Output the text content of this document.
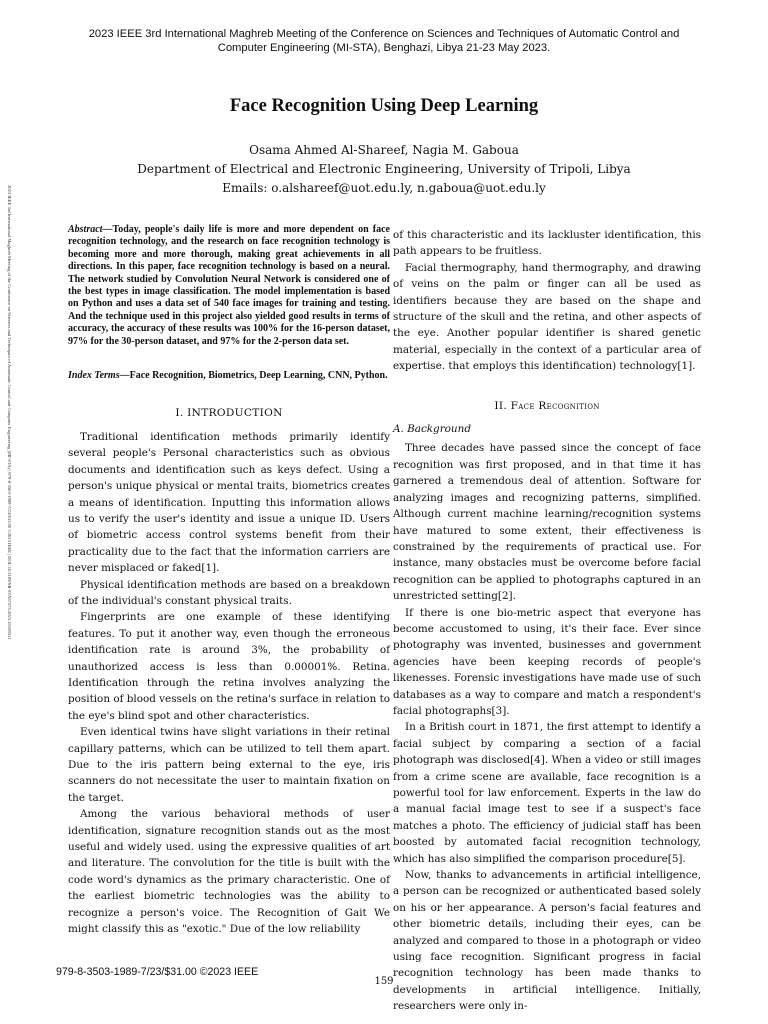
2023 IEEE 3rd International Maghreb Meeting of the Conference on Sciences and Techniques of Automatic Control and
Computer Engineering (MI-STA), Benghazi, Libya 21-23 May 2023.
2023 IEEE 3rd International Maghreb Meeting of the Conference on Sciences and Techniques of Automatic Control and Computer Engineering (MI-STA) | 979-8-3503-1989-7/23/$31.00 ©2023 IEEE | DOI: 10.1109/MI-STA57575.2023.10169531
Face Recognition Using Deep Learning
Osama Ahmed Al-Shareef, Nagia M. Gaboua
Department of Electrical and Electronic Engineering, University of Tripoli, Libya
Emails: o.alshareef@uot.edu.ly, n.gaboua@uot.edu.ly
Abstract—Today, people's daily life is more and more dependent on face recognition technology, and the research on face recognition technology is becoming more and more thorough, making great achievements in all directions. In this paper, face recognition technology is based on a neural. The network studied by Convolution Neural Network is considered one of the best types in image classification. The model implementation is based on Python and uses a data set of 540 face images for training and testing. And the technique used in this project also yielded good results in terms of accuracy, the accuracy of these results was 100% for the 16-person dataset, 97% for the 30-person dataset, and 97% for the 2-person data set.
Index Terms—Face Recognition, Biometrics, Deep Learning, CNN, Python.
I. INTRODUCTION

Traditional identification methods primarily identify several people's Personal characteristics such as obvious documents and identification such as keys defect. Using a person's unique physical or mental traits, biometrics creates a means of identification. Inputting this information allows us to verify the user's identity and issue a unique ID. Users of biometric access control systems benefit from their practicality due to the fact that the information carriers are never misplaced or faked[1].

Physical identification methods are based on a breakdown of the individual's constant physical traits.

Fingerprints are one example of these identifying features. To put it another way, even though the erroneous identification rate is around 3%, the probability of unauthorized access is less than 0.00001%. Retina. Identification through the retina involves analyzing the position of blood vessels on the retina's surface in relation to the eye's blind spot and other characteristics.

Even identical twins have slight variations in their retinal capillary patterns, which can be utilized to tell them apart. Due to the iris pattern being external to the eye, iris scanners do not necessitate the user to maintain fixation on the target.

Among the various behavioral methods of user identification, signature recognition stands out as the most useful and widely used. using the expressive qualities of art and literature. The convolution for the title is built with the code word's dynamics as the primary characteristic. One of the earliest biometric technologies was the ability to recognize a person's voice. The Recognition of Gait We might classify this as "exotic." Due of the low reliability

of this characteristic and its lackluster identification, this path appears to be fruitless.

Facial thermography, hand thermography, and drawing of veins on the palm or finger can all be used as identifiers because they are based on the shape and structure of the skull and the retina, and other aspects of the eye. Another popular identifier is shared genetic material, especially in the context of a particular area of expertise. that employs this identification) technology[1].

II. Face Recognition
A. Background

Three decades have passed since the concept of face recognition was first proposed, and in that time it has garnered a tremendous deal of attention. Software for analyzing images and recognizing patterns, simplified. Although current machine learning/recognition systems have matured to some extent, their effectiveness is constrained by the requirements of practical use. For instance, many obstacles must be overcome before facial recognition can be applied to photographs captured in an unrestricted setting[2].

If there is one bio-metric aspect that everyone has become accustomed to using, it's their face. Ever since photography was invented, businesses and government agencies have been keeping records of people's likenesses. Forensic investigations have made use of such databases as a way to compare and match a respondent's facial photographs[3].

In a British court in 1871, the first attempt to identify a facial subject by comparing a section of a facial photograph was disclosed[4]. When a video or still images from a crime scene are available, face recognition is a powerful tool for law enforcement. Experts in the law do a manual facial image test to see if a suspect's face matches a photo. The efficiency of judicial staff has been boosted by automated facial recognition technology, which has also simplified the comparison procedure[5].

Now, thanks to advancements in artificial intelligence, a person can be recognized or authenticated based solely on his or her appearance. A person's facial features and other biometric details, including their eyes, can be analyzed and compared to those in a photograph or video using face recognition. Significant progress in facial recognition technology has been made thanks to developments in artificial intelligence. Initially, researchers were only in-

979-8-3503-1989-7/23/$31.00 ©2023 IEEE
159
